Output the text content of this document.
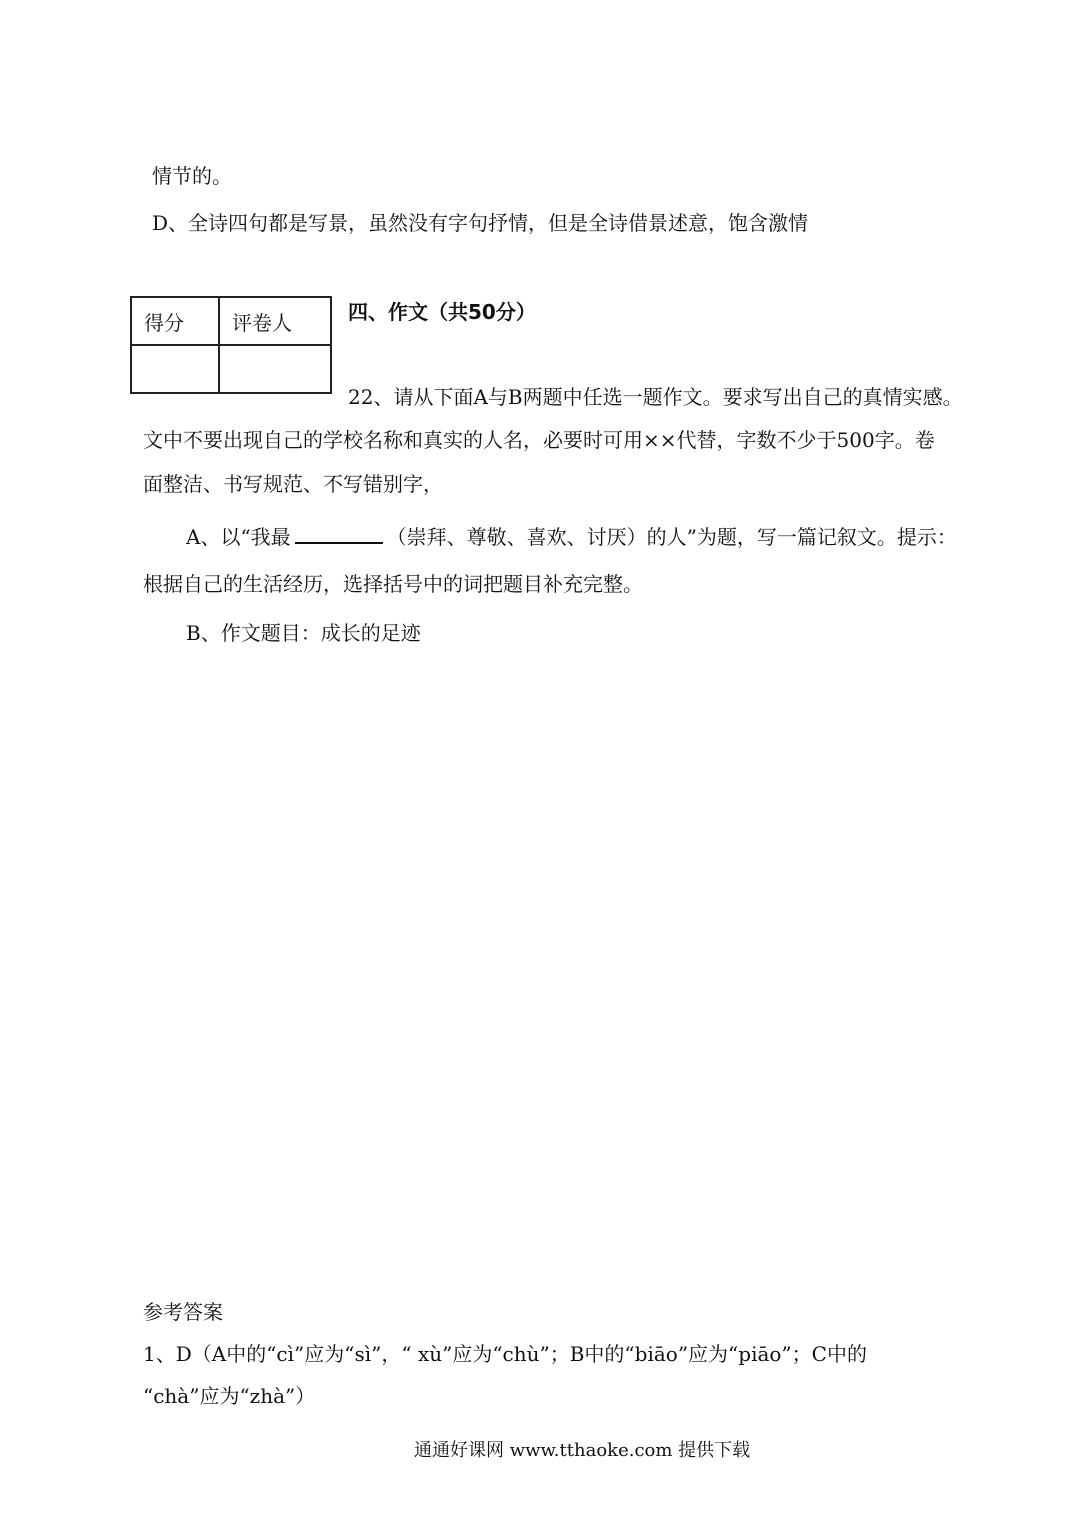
情节的。
D、全诗四句都是写景，虽然没有字句抒情，但是全诗借景述意，饱含激情
得分	评卷人
		四、作文（共50分）
22、请从下面A与B两题中任选一题作文。要求写出自己的真情实感。
文中不要出现自己的学校名称和真实的人名，必要时可用××代替，字数不少于500字。卷
面整洁、书写规范、不写错别字，
A、以“我最	（崇拜、尊敬、喜欢、讨厌）的人”为题，写一篇记叙文。提示：
根据自己的生活经历，选择括号中的词把题目补充完整。
B、作文题目：成长的足迹
参考答案
1、D（A中的“cì”应为“sì”，“ xù”应为“chù”；B中的“biāo”应为“piāo”；C中的
“chà”应为“zhà”）
通通好课网 www.tthaoke.com 提供下载
